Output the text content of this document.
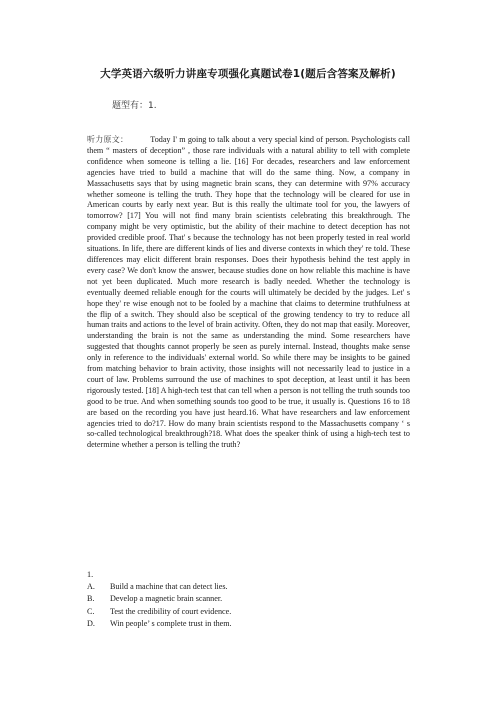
大学英语六级听力讲座专项强化真题试卷1(题后含答案及解析)
题型有：1.

听力原文：	Today I' m going to talk about a very special kind of person. Psychologists call them “ masters of deception” , those rare individuals with a natural ability to tell with complete confidence when someone is telling a lie. [16] For decades, researchers and law enforcement agencies have tried to build a machine that will do the same thing. Now, a company in Massachusetts says that by using magnetic brain scans, they can determine with 97% accuracy whether someone is telling the truth. They hope that the technology will be cleared for use in American courts by early next year. But is this really the ultimate tool for you, the lawyers of tomorrow? [17] You will not find many brain scientists celebrating this breakthrough. The company might be very optimistic, but the ability of their machine to detect deception has not provided credible proof. That' s because the technology has not been properly tested in real world situations. In life, there are different kinds of lies and diverse contexts in which they' re told. These differences may elicit different brain responses. Does their hypothesis behind the test apply in every case? We don't know the answer, because studies done on how reliable this machine is have not yet been duplicated. Much more research is badly needed. Whether the technology is eventually deemed reliable enough for the courts will ultimately be decided by the judges. Let' s hope they' re wise enough not to be fooled by a machine that claims to determine truthfulness at the flip of a switch. They should also be sceptical of the growing tendency to try to reduce all human traits and actions to the level of brain activity. Often, they do not map that easily. Moreover, understanding the brain is not the same as understanding the mind. Some researchers have suggested that thoughts cannot properly be seen as purely internal. Instead, thoughts make sense only in reference to the individuals' external world. So while there may be insights to be gained from matching behavior to brain activity, those insights will not necessarily lead to justice in a court of law. Problems surround the use of machines to spot deception, at least until it has been rigorously tested. [18] A high-tech test that can tell when a person is not telling the truth sounds too good to be true. And when something sounds too good to be true, it usually is. Questions 16 to 18 are based on the recording you have just heard.16. What have researchers and law enforcement agencies tried to do?17. How do many brain scientists respond to the Massachusetts company ‘ s so-called technological breakthrough?18. What does the speaker think of using a high-tech test to determine whether a person is telling the truth?

1.
A. Build a machine that can detect lies.
B. Develop a magnetic brain scanner.
C. Test the credibility of court evidence.
D. Win people’ s complete trust in them.
